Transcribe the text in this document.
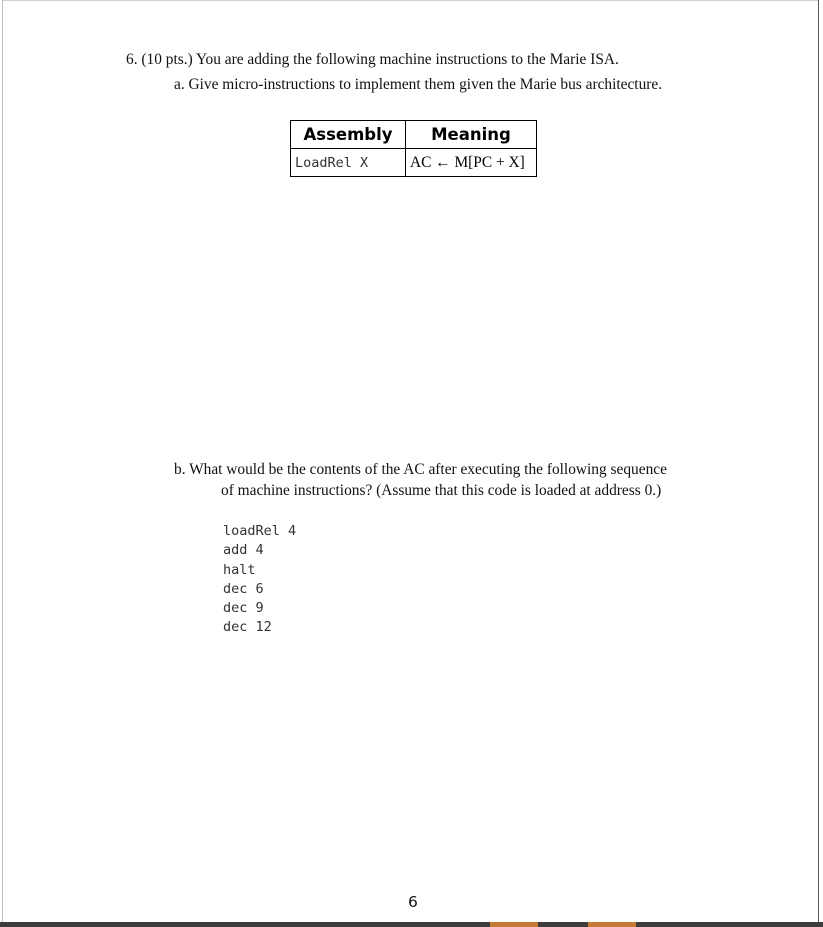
6. (10 pts.) You are adding the following machine instructions to the Marie ISA.
a. Give micro-instructions to implement them given the Marie bus architecture.
Assembly	Meaning
LoadRel X	AC ← M[PC + X]
b. What would be the contents of the AC after executing the following sequence
of machine instructions? (Assume that this code is loaded at address 0.)
loadRel 4
add 4
halt
dec 6
dec 9
dec 12
6
